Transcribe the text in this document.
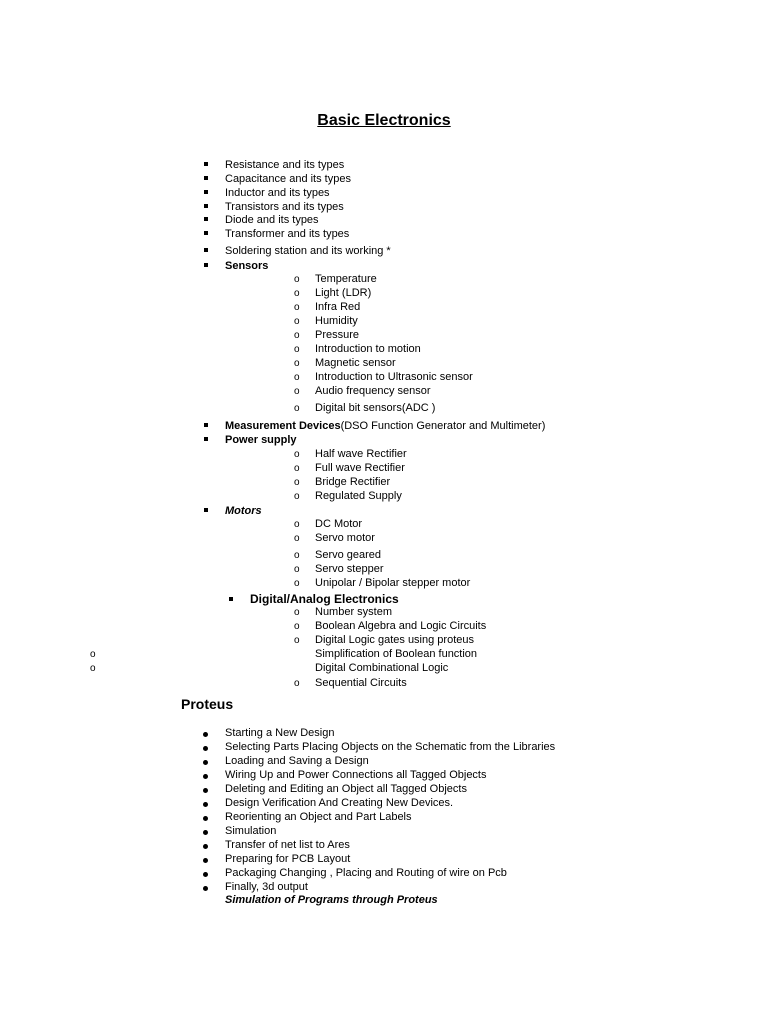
Basic Electronics
Resistance and its types
Capacitance and its types
Inductor and its types
Transistors and its types
Diode and its types
Transformer and its types
Soldering station and its working *
Sensors
o Temperature
o Light (LDR)
o Infra Red
o Humidity
o Pressure
o Introduction to motion
o Magnetic sensor
o Introduction to Ultrasonic sensor
o Audio frequency sensor
o Digital bit sensors(ADC )
Measurement Devices(DSO Function Generator and Multimeter)
Power supply
o Half wave Rectifier
o Full wave Rectifier
o Bridge Rectifier
o Regulated Supply
Motors
o DC Motor
o Servo motor
o Servo geared
o Servo stepper
o Unipolar / Bipolar stepper motor
Digital/Analog Electronics
o Number system
o Boolean Algebra and Logic Circuits
o Digital Logic gates using proteus
o	Simplification of Boolean function
o	Digital Combinational Logic
o Sequential Circuits
Proteus
Starting a New Design
Selecting Parts Placing Objects on the Schematic from the Libraries
Loading and Saving a Design
Wiring Up and Power Connections all Tagged Objects
Deleting and Editing an Object all Tagged Objects
Design Verification And Creating New Devices.
Reorienting an Object and Part Labels
Simulation
Transfer of net list to Ares
Preparing for PCB Layout
Packaging Changing , Placing and Routing of wire on Pcb
Finally, 3d output
Simulation of Programs through Proteus
